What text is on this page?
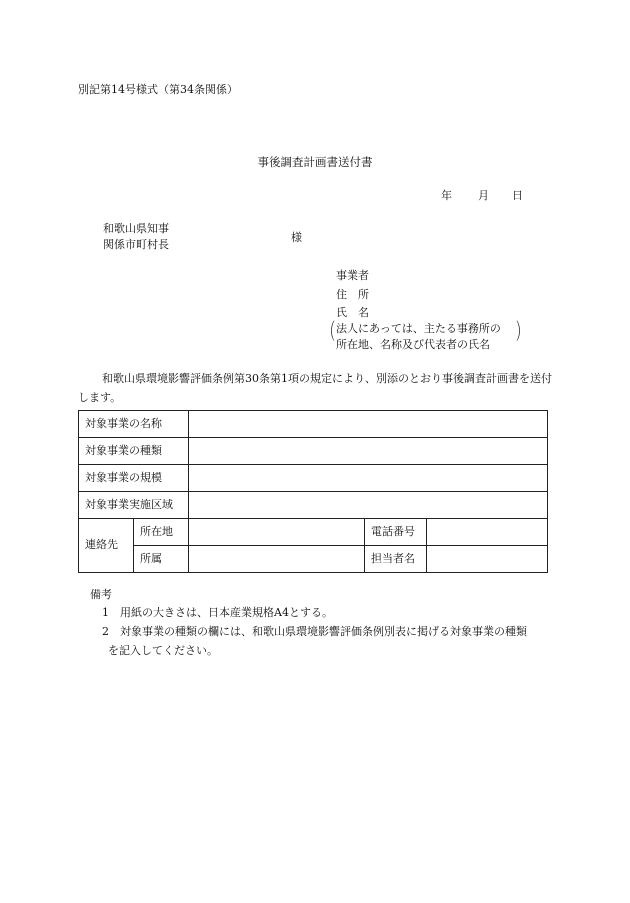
別記第14号様式（第34条関係）
事後調査計画書送付書
年 月 日
和歌山県知事
関係市町村長
様
事業者
住　所
氏　名
（ 法人にあっては、主たる事務所の
所在地、名称及び代表者の氏名 ）
和歌山県環境影響評価条例第30条第1項の規定により、別添のとおり事後調査計画書を送付します。
対象事業の名称				
対象事業の種類				
対象事業の規模				
対象事業実施区域				
連絡先	所在地		電話番号	
	所属		担当者名	
備考
1　用紙の大きさは、日本産業規格A4とする。
2　対象事業の種類の欄には、和歌山県環境影響評価条例別表に掲げる対象事業の種類
を記入してください。
